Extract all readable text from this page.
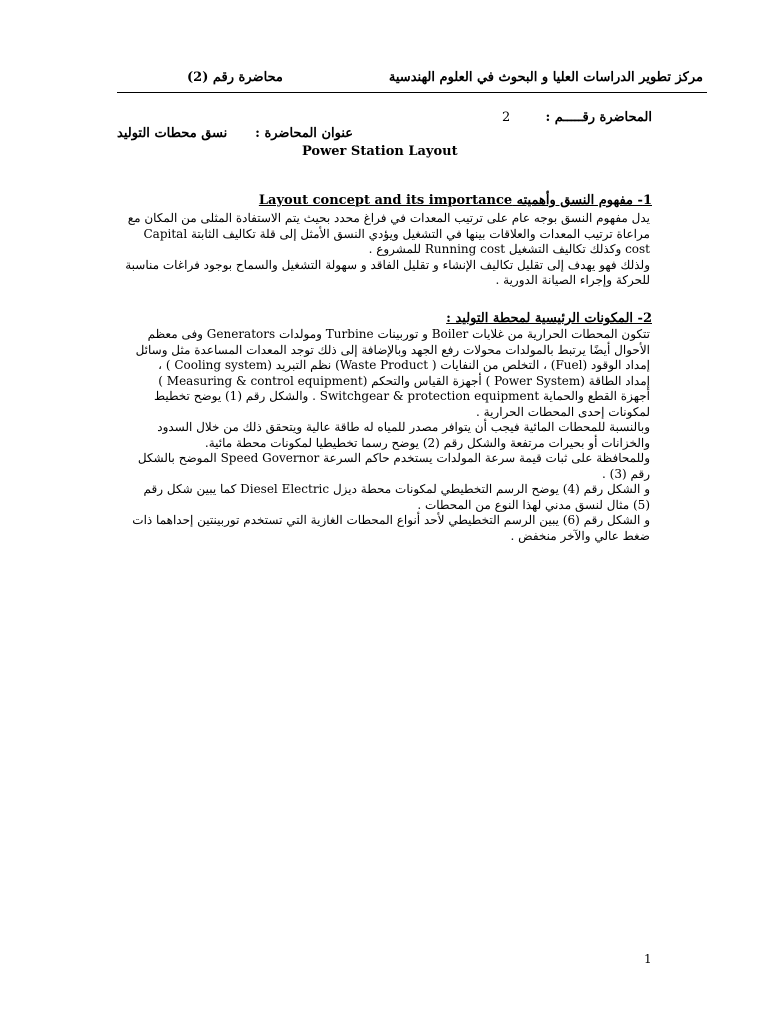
مركز تطوير الدراسات العليا و البحوث في العلوم الهندسية
محاضرة رقم (2)
المحاضرة رقـــــم :
2
عنوان المحاضرة :
نسق محطات التوليد
Power Station Layout
1- مفهوم النسق وأهميته Layout concept and its importance
يدل مفهوم النسق بوجه عام على ترتيب المعدات في فراغ محدد بحيث يتم الاستفادة المثلى من المكان مع
مراعاة ترتيب المعدات والعلاقات بينها في التشغيل ويؤدي النسق الأمثل إلى قلة تكاليف الثابتة Capital
cost وكذلك تكاليف التشغيل Running cost للمشروع .
ولذلك فهو يهدف إلى تقليل تكاليف الإنشاء و تقليل الفاقد و سهولة التشغيل والسماح بوجود فراغات مناسبة
للحركة وإجراء الصيانة الدورية .
2- المكونات الرئيسية لمحطة التوليد :
تتكون المحطات الحرارية من غلايات Boiler و توربينات Turbine ومولدات Generators وفى معظم
الأحوال أيضًا يرتبط بالمولدات محولات رفع الجهد وبالإضافة إلى ذلك توجد المعدات المساعدة مثل وسائل
إمداد الوقود (Fuel) ، التخلص من النفايات ( Waste Product) نظم التبريد (Cooling system ) ،
إمداد الطاقة (Power System ) أجهزة القياس والتحكم (Measuring & control equipment )
أجهزة القطع والحماية Switchgear & protection equipment . والشكل رقم (1) يوضح تخطيط
لمكونات إحدى المحطات الحرارية .
وبالنسبة للمحطات المائية فيجب أن يتوافر مصدر للمياه له طاقة عالية ويتحقق ذلك من خلال السدود
والخزانات أو بحيرات مرتفعة والشكل رقم (2) يوضح رسما تخطيطيا لمكونات محطة مائية.
وللمحافظة على ثبات قيمة سرعة المولدات يستخدم حاكم السرعة Speed Governor الموضح بالشكل
رقم (3) .
و الشكل رقم (4) يوضح الرسم التخطيطي لمكونات محطة ديزل Diesel Electric كما يبين شكل رقم
(5) مثال لنسق مدني لهذا النوع من المحطات .
و الشكل رقم (6) يبين الرسم التخطيطي لأحد أنواع المحطات الغازية التي تستخدم توربينتين إحداهما ذات
ضغط عالي والآخر منخفض .
1
